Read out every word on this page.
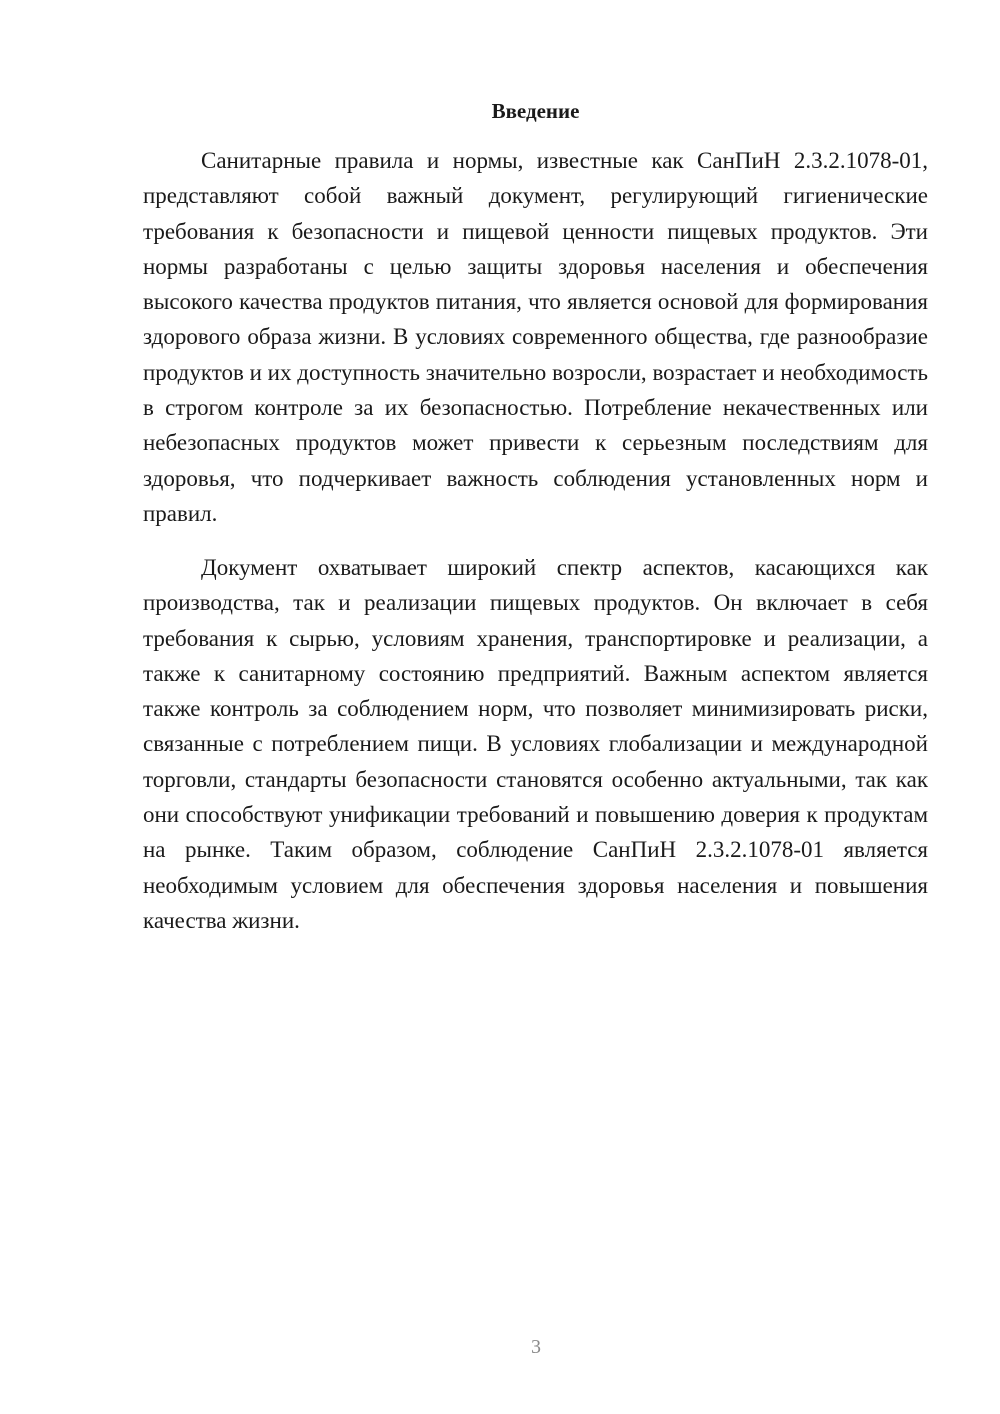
Введение

Санитарные правила и нормы, известные как СанПиН 2.3.2.1078-01, представляют собой важный документ, регулирующий гигиенические требования к безопасности и пищевой ценности пищевых продуктов. Эти нормы разработаны с целью защиты здоровья населения и обеспечения высокого качества продуктов питания, что является основой для формирования здорового образа жизни. В условиях современного общества, где разнообразие продуктов и их доступность значительно возросли, возрастает и необходимость в строгом контроле за их безопасностью. Потребление некачественных или небезопасных продуктов может привести к серьезным последствиям для здоровья, что подчеркивает важность соблюдения установленных норм и правил.

Документ охватывает широкий спектр аспектов, касающихся как производства, так и реализации пищевых продуктов. Он включает в себя требования к сырью, условиям хранения, транспортировке и реализации, а также к санитарному состоянию предприятий. Важным аспектом является также контроль за соблюдением норм, что позволяет минимизировать риски, связанные с потреблением пищи. В условиях глобализации и международной торговли, стандарты безопасности становятся особенно актуальными, так как они способствуют унификации требований и повышению доверия к продуктам на рынке. Таким образом, соблюдение СанПиН 2.3.2.1078-01 является необходимым условием для обеспечения здоровья населения и повышения качества жизни.

3
